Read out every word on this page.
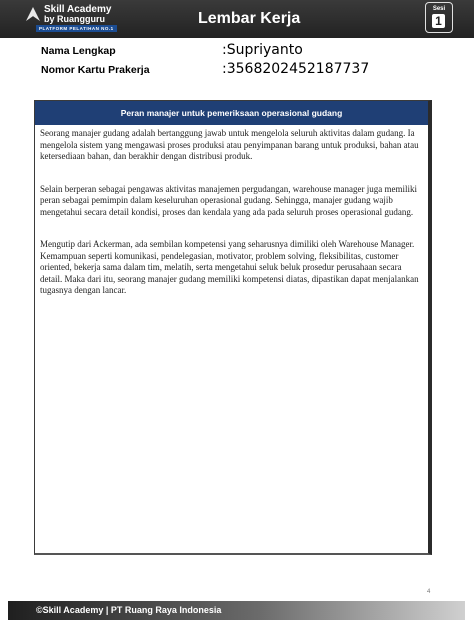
Skill Academy
by Ruangguru
PLATFORM PELATIHAN NO.1
Lembar Kerja
Sesi
1
Nama Lengkap	:Supriyanto
Nomor Kartu Prakerja	:3568202452187737
Peran manajer untuk pemeriksaan operasional gudang

Seorang manajer gudang adalah bertanggung jawab untuk mengelola seluruh aktivitas dalam gudang. Ia mengelola sistem yang mengawasi proses produksi atau penyimpanan barang untuk produksi, bahan atau ketersediaan bahan, dan berakhir dengan distribusi produk.

Selain berperan sebagai pengawas aktivitas manajemen pergudangan, warehouse manager juga memiliki peran sebagai pemimpin dalam keseluruhan operasional gudang. Sehingga, manajer gudang wajib mengetahui secara detail kondisi, proses dan kendala yang ada pada seluruh proses operasional gudang.

Mengutip dari Ackerman, ada sembilan kompetensi yang seharusnya dimiliki oleh Warehouse Manager. Kemampuan seperti komunikasi, pendelegasian, motivator, problem solving, fleksibilitas, customer oriented, bekerja sama dalam tim, melatih, serta mengetahui seluk beluk prosedur perusahaan secara detail. Maka dari itu, seorang manajer gudang memiliki kompetensi diatas, dipastikan dapat menjalankan tugasnya dengan lancar.

4
©Skill Academy | PT Ruang Raya Indonesia
